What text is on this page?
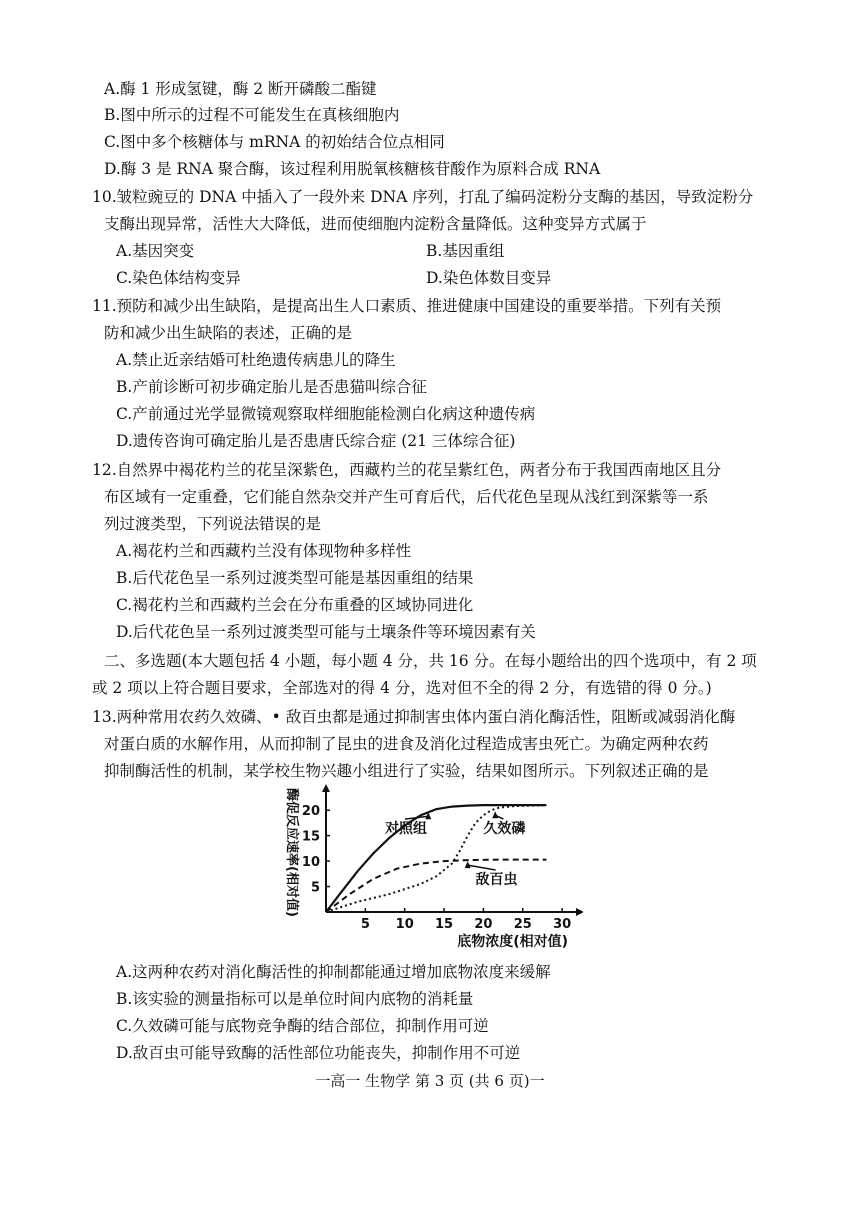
A.酶 1 形成氢键，酶 2 断开磷酸二酯键
B.图中所示的过程不可能发生在真核细胞内
C.图中多个核糖体与 mRNA 的初始结合位点相同
D.酶 3 是 RNA 聚合酶，该过程利用脱氧核糖核苷酸作为原料合成 RNA
10.皱粒豌豆的 DNA 中插入了一段外来 DNA 序列，打乱了编码淀粉分支酶的基因，导致淀粉分
支酶出现异常，活性大大降低，进而使细胞内淀粉含量降低。这种变异方式属于
A.基因突变	B.基因重组
C.染色体结构变异	D.染色体数目变异
11.预防和减少出生缺陷，是提高出生人口素质、推进健康中国建设的重要举措。下列有关预
防和减少出生缺陷的表述，正确的是
A.禁止近亲结婚可杜绝遗传病患儿的降生
B.产前诊断可初步确定胎儿是否患猫叫综合征
C.产前通过光学显微镜观察取样细胞能检测白化病这种遗传病
D.遗传咨询可确定胎儿是否患唐氏综合症 (21 三体综合征)
12.自然界中褐花杓兰的花呈深紫色，西藏杓兰的花呈紫红色，两者分布于我国西南地区且分
布区域有一定重叠，它们能自然杂交并产生可育后代，后代花色呈现从浅红到深紫等一系
列过渡类型，下列说法错误的是
A.褐花杓兰和西藏杓兰没有体现物种多样性
B.后代花色呈一系列过渡类型可能是基因重组的结果
C.褐花杓兰和西藏杓兰会在分布重叠的区域协同进化
D.后代花色呈一系列过渡类型可能与土壤条件等环境因素有关
二、多选题(本大题包括 4 小题，每小题 4 分，共 16 分。在每小题给出的四个选项中，有 2 项
或 2 项以上符合题目要求，全部选对的得 4 分，选对但不全的得 2 分，有选错的得 0 分。)
13.两种常用农药久效磷、• 敌百虫都是通过抑制害虫体内蛋白消化酶活性，阻断或减弱消化酶
对蛋白质的水解作用，从而抑制了昆虫的进食及消化过程造成害虫死亡。为确定两种农药
抑制酶活性的机制，某学校生物兴趣小组进行了实验，结果如图所示。下列叙述正确的是
5 10 15 20 25 30
5
10
15
20
底物浓度(相对值)
酶促反应速率(相对值)	对照组	久效磷
敌百虫
A.这两种农药对消化酶活性的抑制都能通过增加底物浓度来缓解
B.该实验的测量指标可以是单位时间内底物的消耗量
C.久效磷可能与底物竞争酶的结合部位，抑制作用可逆
D.敌百虫可能导致酶的活性部位功能丧失，抑制作用不可逆
一高一 生物学 第 3 页 (共 6 页)一
